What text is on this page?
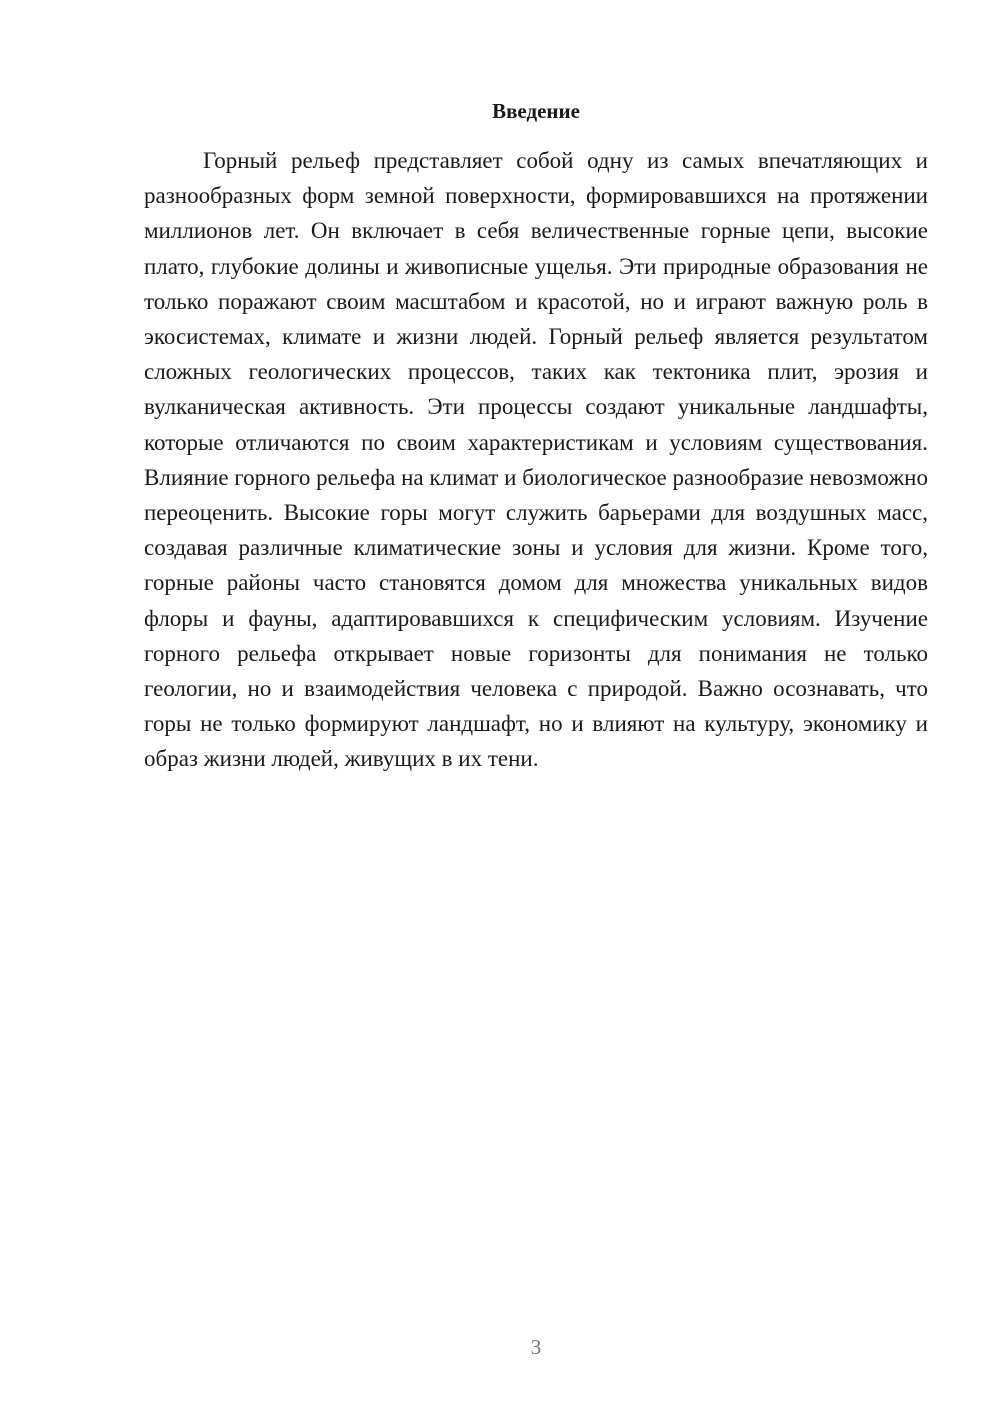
Введение

Горный рельеф представляет собой одну из самых впечатляющих и разнообразных форм земной поверхности, формировавшихся на протяжении миллионов лет. Он включает в себя величественные горные цепи, высокие плато, глубокие долины и живописные ущелья. Эти природные образования не только поражают своим масштабом и красотой, но и играют важную роль в экосистемах, климате и жизни людей. Горный рельеф является результатом сложных геологических процессов, таких как тектоника плит, эрозия и вулканическая активность. Эти процессы создают уникальные ландшафты, которые отличаются по своим характеристикам и условиям существования. Влияние горного рельефа на климат и биологическое разнообразие невозможно переоценить. Высокие горы могут служить барьерами для воздушных масс, создавая различные климатические зоны и условия для жизни. Кроме того, горные районы часто становятся домом для множества уникальных видов флоры и фауны, адаптировавшихся к специфическим условиям. Изучение горного рельефа открывает новые горизонты для понимания не только геологии, но и взаимодействия человека с природой. Важно осознавать, что горы не только формируют ландшафт, но и влияют на культуру, экономику и образ жизни людей, живущих в их тени.

3
